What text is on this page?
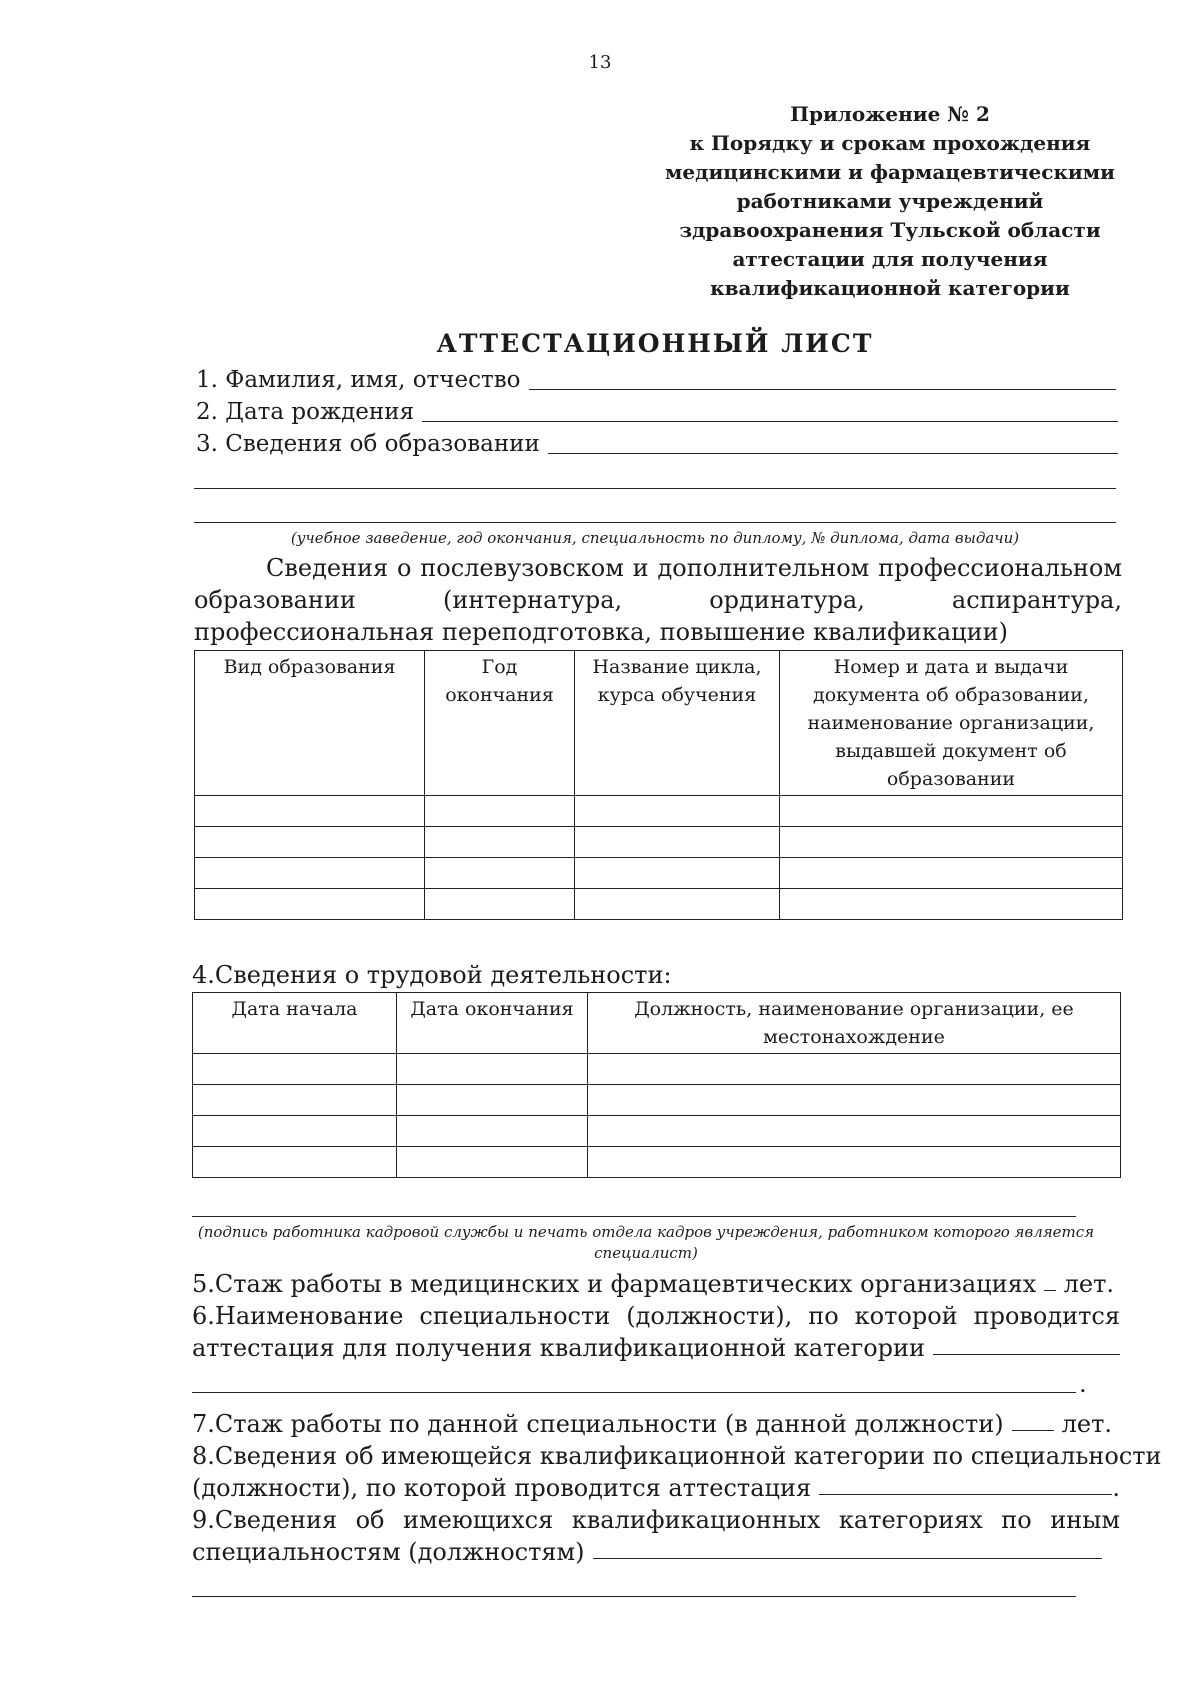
13
Приложение № 2
к Порядку и срокам прохождения
медицинскими и фармацевтическими
работниками учреждений
здравоохранения Тульской области
аттестации для получения
квалификационной категории
АТТЕСТАЦИОННЫЙ ЛИСТ
1. Фамилия, имя, отчество
2. Дата рождения
3. Сведения об образовании
(учебное заведение, год окончания, специальность по диплому, № диплома, дата выдачи)
Сведения о послевузовском и дополнительном профессиональном образовании (интернатура, ординатура, аспирантура, профессиональная переподготовка, повышение квалификации)
Вид образования	Год окончания	Название цикла, курса обучения	Номер и дата и выдачи документа об образовании, наименование организации, выдавшей документ об образовании

4.Сведения о трудовой деятельности:
Дата начала	Дата окончания	Должность, наименование организации, ее местонахождение

(подпись работника кадровой службы и печать отдела кадров учреждения, работником которого является специалист)
5.Стаж работы в медицинских и фармацевтических организациях лет.
6.Наименование специальности (должности), по которой проводится
аттестация для получения квалификационной категории
.
7.Стаж работы по данной специальности (в данной должности) лет.
8.Сведения об имеющейся квалификационной категории по специальности
(должности), по которой проводится аттестация	.
9.Сведения об имеющихся квалификационных категориях по иным
специальностям (должностям)
